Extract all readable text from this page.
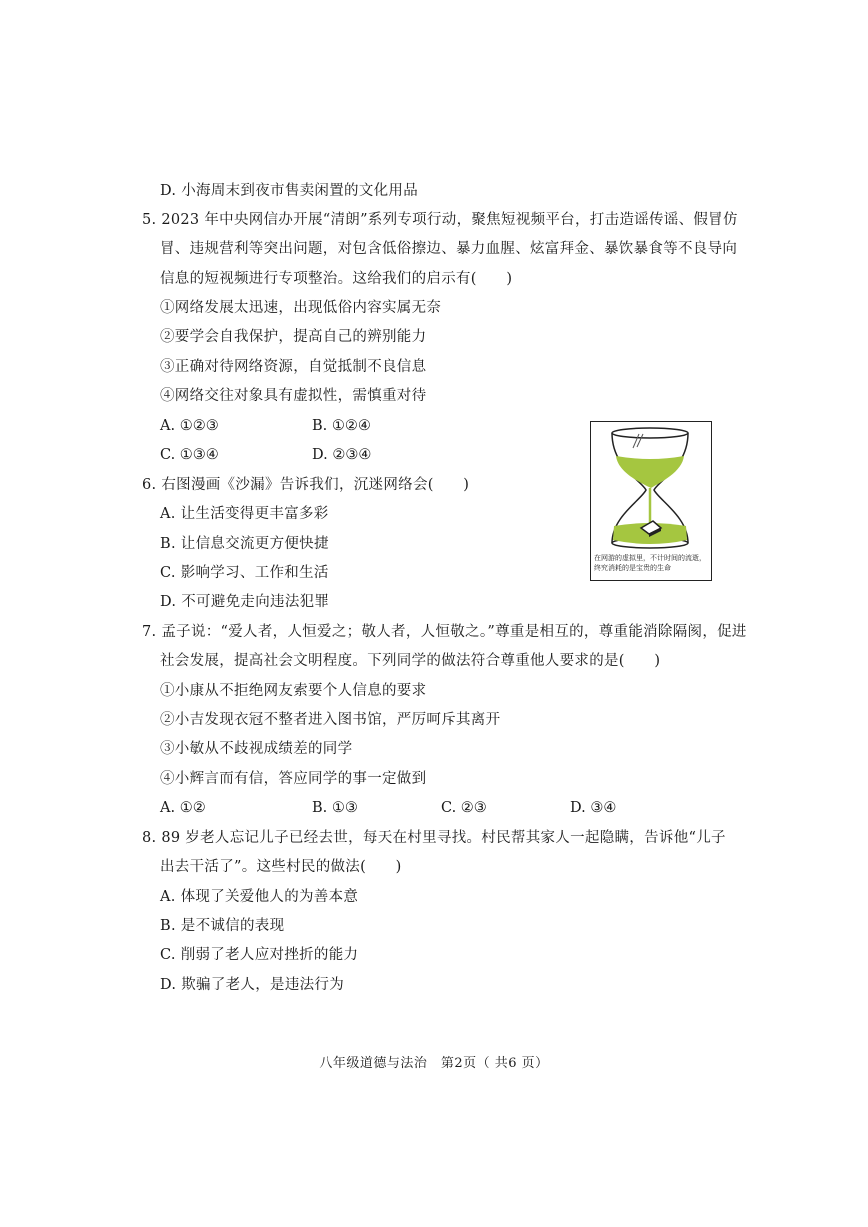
D. 小海周末到夜市售卖闲置的文化用品
5. 2023 年中央网信办开展“清朗”系列专项行动，聚焦短视频平台，打击造谣传谣、假冒仿
冒、违规营利等突出问题，对包含低俗擦边、暴力血腥、炫富拜金、暴饮暴食等不良导向
信息的短视频进行专项整治。这给我们的启示有(　　)
①网络发展太迅速，出现低俗内容实属无奈
②要学会自我保护，提高自己的辨别能力
③正确对待网络资源，自觉抵制不良信息
④网络交往对象具有虚拟性，需慎重对待
A. ①②③	B. ①②④
C. ①③④	D. ②③④
6. 右图漫画《沙漏》告诉我们，沉迷网络会(　　)
A. 让生活变得更丰富多彩
B. 让信息交流更方便快捷
C. 影响学习、工作和生活
D. 不可避免走向违法犯罪
在网游的虚拟里，不计时间的流逝，终究消耗的是宝贵的生命
7. 孟子说：“爱人者，人恒爱之；敬人者，人恒敬之。”尊重是相互的，尊重能消除隔阂，促进
社会发展，提高社会文明程度。下列同学的做法符合尊重他人要求的是(　　)
①小康从不拒绝网友索要个人信息的要求
②小吉发现衣冠不整者进入图书馆，严厉呵斥其离开
③小敏从不歧视成绩差的同学
④小辉言而有信，答应同学的事一定做到
A. ①②	B. ①③	C. ②③	D. ③④
8. 89 岁老人忘记儿子已经去世，每天在村里寻找。村民帮其家人一起隐瞒，告诉他“儿子
出去干活了”。这些村民的做法(　　)
A. 体现了关爱他人的为善本意
B. 是不诚信的表现
C. 削弱了老人应对挫折的能力
D. 欺骗了老人，是违法行为
八年级道德与法治　第2页（ 共6 页）
